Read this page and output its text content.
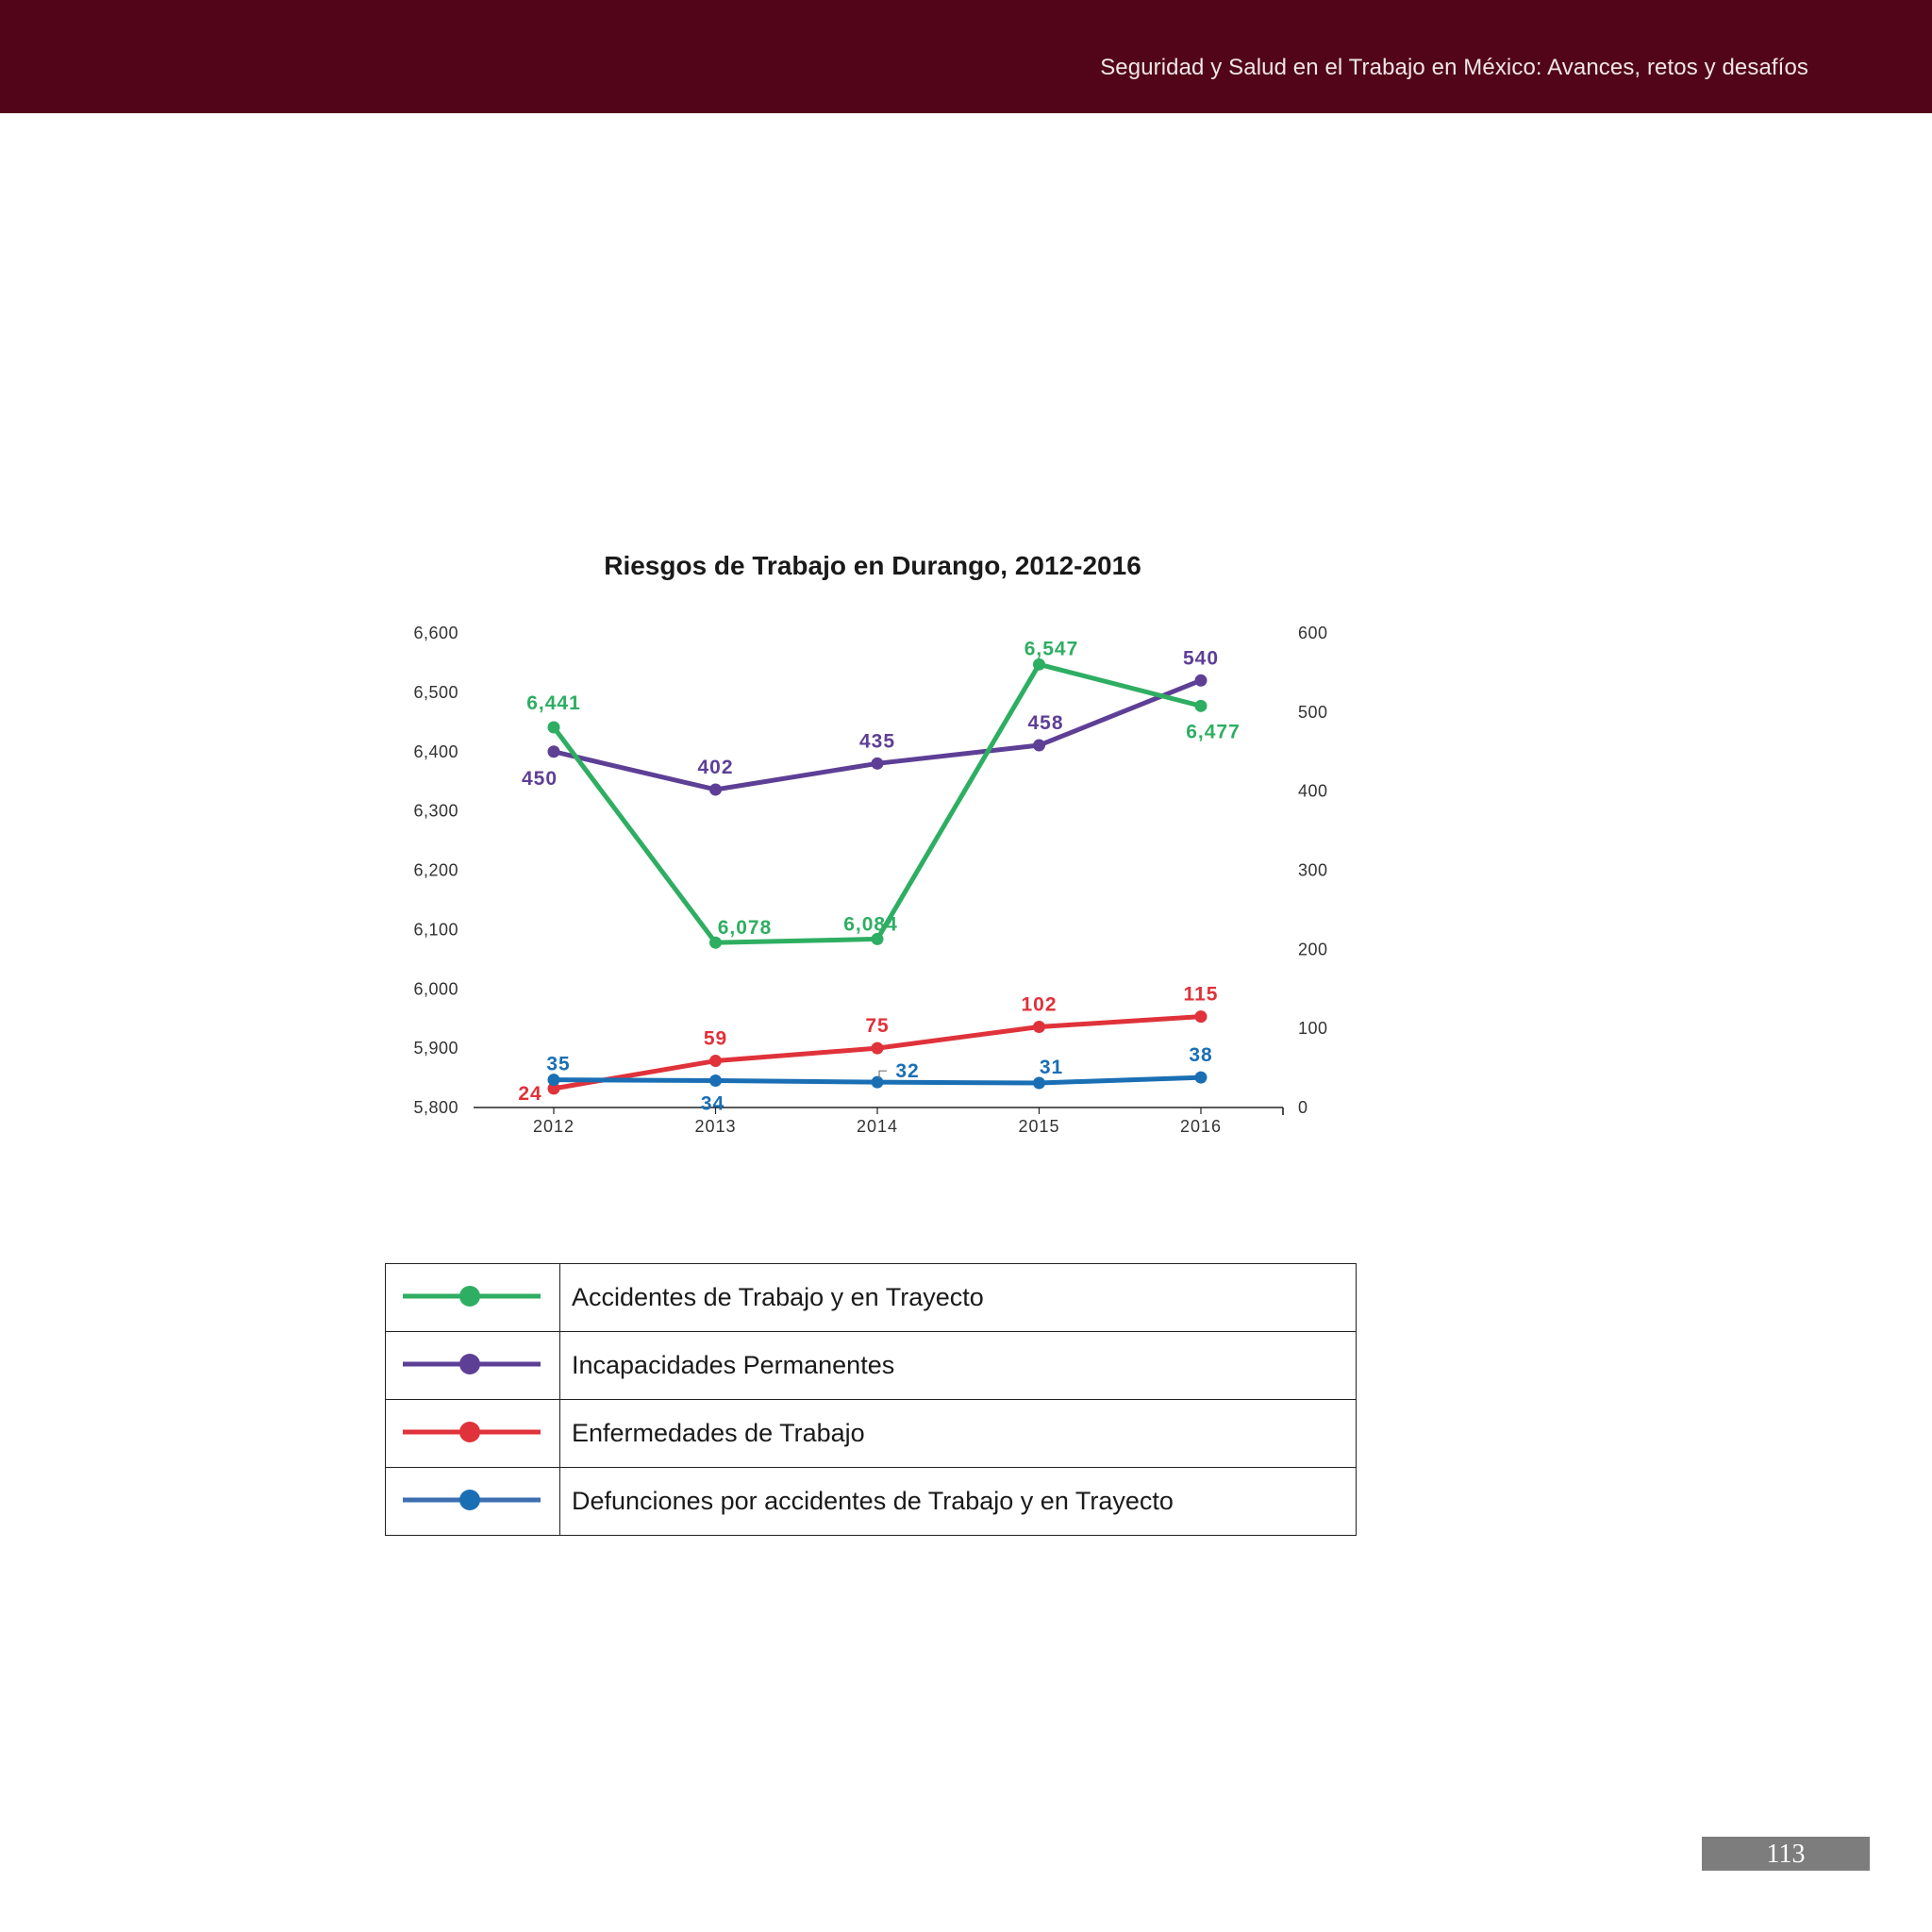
Seguridad y Salud en el Trabajo en México: Avances, retos y desafíos
Riesgos de Trabajo en Durango, 2012-2016
2012	2013	2014	2015	2016
5,800
5,900
6,000
6,100
6,200
6,300
6,400
6,500
6,600
0
100
200
300
400
500
600
6,441
6,078	6,084
6,547
6,477
450
402
435
458
540
24
59
75
102	115
35
34
32	31
38
	Accidentes de Trabajo y en Trayecto
	Incapacidades Permanentes
	Enfermedades de Trabajo
	Defunciones por accidentes de Trabajo y en Trayecto
113
